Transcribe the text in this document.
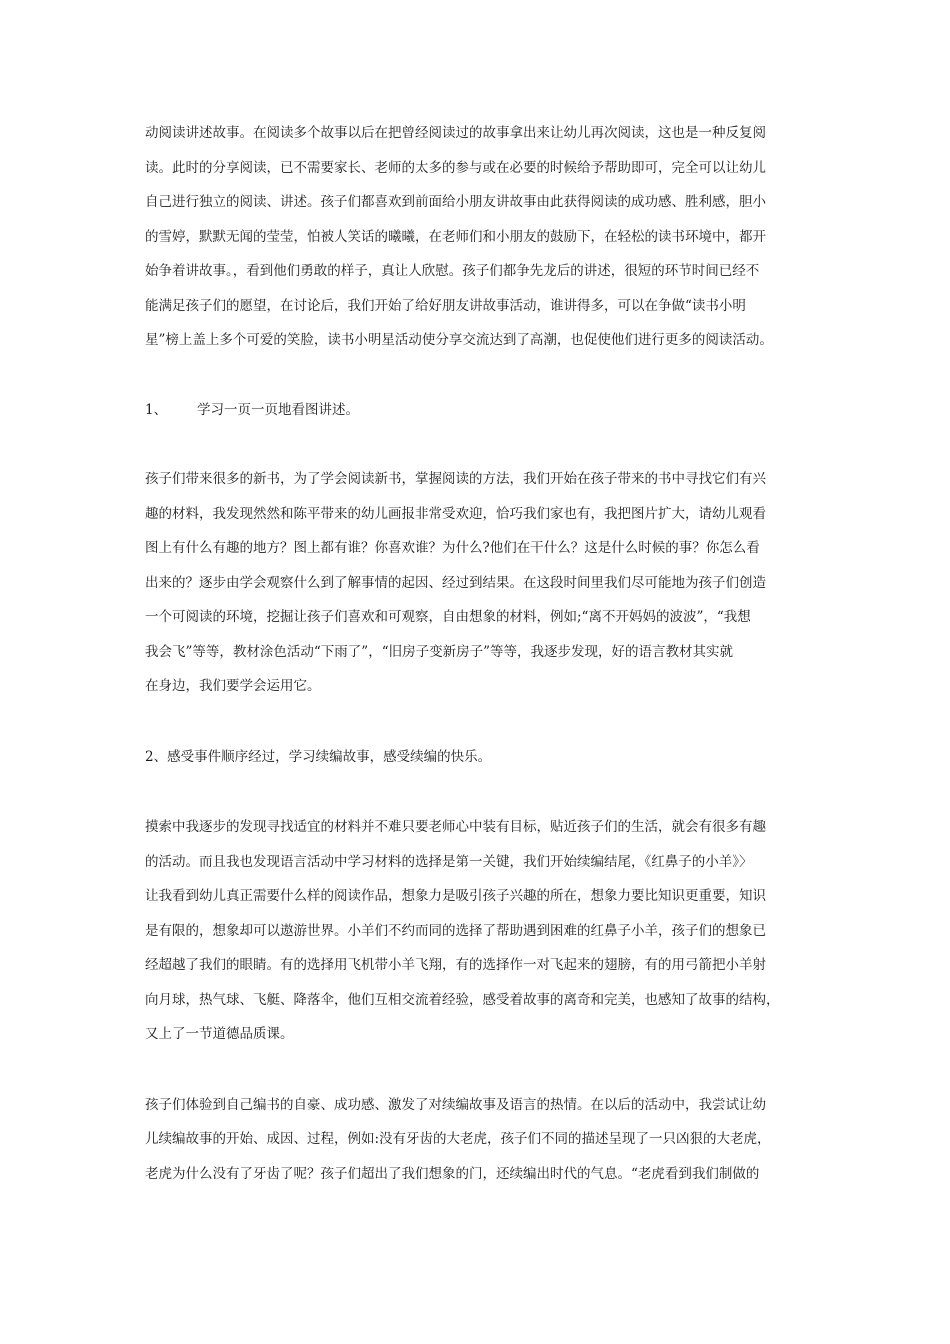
动阅读讲述故事。在阅读多个故事以后在把曾经阅读过的故事拿出来让幼儿再次阅读，这也是一种反复阅
读。此时的分享阅读，已不需要家长、老师的太多的参与或在必要的时候给予帮助即可，完全可以让幼儿
自己进行独立的阅读、讲述。孩子们都喜欢到前面给小朋友讲故事由此获得阅读的成功感、胜利感，胆小
的雪婷，默默无闻的莹莹，怕被人笑话的曦曦，在老师们和小朋友的鼓励下，在轻松的读书环境中，都开
始争着讲故事。，看到他们勇敢的样子，真让人欣慰。孩子们都争先龙后的讲述，很短的环节时间已经不
能满足孩子们的愿望，在讨论后，我们开始了给好朋友讲故事活动，谁讲得多，可以在争做“读书小明
星”榜上盖上多个可爱的笑脸，读书小明星活动使分享交流达到了高潮，也促使他们进行更多的阅读活动。
1、 学习一页一页地看图讲述。
孩子们带来很多的新书，为了学会阅读新书，掌握阅读的方法，我们开始在孩子带来的书中寻找它们有兴
趣的材料，我发现然然和陈平带来的幼儿画报非常受欢迎，恰巧我们家也有，我把图片扩大，请幼儿观看
图上有什么有趣的地方？图上都有谁？你喜欢谁？为什么?他们在干什么？这是什么时候的事？你怎么看
出来的？逐步由学会观察什么到了解事情的起因、经过到结果。在这段时间里我们尽可能地为孩子们创造
一个可阅读的环境，挖掘让孩子们喜欢和可观察，自由想象的材料，例如;“离不开妈妈的波波”，“我想
我会飞”等等，教材涂色活动“下雨了”，“旧房子变新房子”等等，我逐步发现，好的语言教材其实就
在身边，我们要学会运用它。
2、感受事件顺序经过，学习续编故事，感受续编的快乐。
摸索中我逐步的发现寻找适宜的材料并不难只要老师心中装有目标，贴近孩子们的生活，就会有很多有趣
的活动。而且我也发现语言活动中学习材料的选择是第一关键，我们开始续编结尾，《红鼻子的小羊》〉
让我看到幼儿真正需要什么样的阅读作品，想象力是吸引孩子兴趣的所在，想象力要比知识更重要，知识
是有限的，想象却可以遨游世界。小羊们不约而同的选择了帮助遇到困难的红鼻子小羊，孩子们的想象已
经超越了我们的眼睛。有的选择用飞机带小羊飞翔，有的选择作一对飞起来的翅膀，有的用弓箭把小羊射
向月球，热气球、飞艇、降落伞，他们互相交流着经验，感受着故事的离奇和完美，也感知了故事的结构，
又上了一节道德品质课。
孩子们体验到自己编书的自豪、成功感、激发了对续编故事及语言的热情。在以后的活动中，我尝试让幼
儿续编故事的开始、成因、过程，例如:没有牙齿的大老虎，孩子们不同的描述呈现了一只凶狠的大老虎，
老虎为什么没有了牙齿了呢？孩子们超出了我们想象的门，还续编出时代的气息。“老虎看到我们制做的
